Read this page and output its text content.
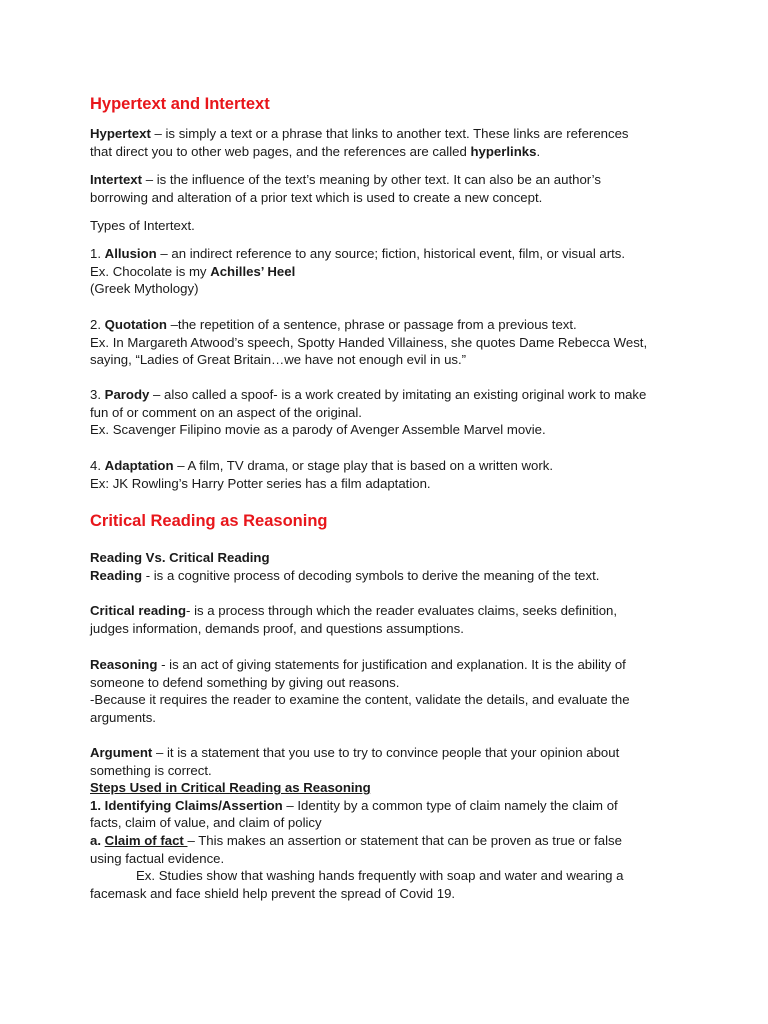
Hypertext and Intertext
Hypertext – is simply a text or a phrase that links to another text. These links are references
that direct you to other web pages, and the references are called hyperlinks.
Intertext – is the influence of the text’s meaning by other text. It can also be an author’s
borrowing and alteration of a prior text which is used to create a new concept.
Types of Intertext.
1. Allusion – an indirect reference to any source; fiction, historical event, film, or visual arts.
Ex. Chocolate is my Achilles’ Heel
(Greek Mythology)
2. Quotation –the repetition of a sentence, phrase or passage from a previous text.
Ex. In Margareth Atwood’s speech, Spotty Handed Villainess, she quotes Dame Rebecca West,
saying, “Ladies of Great Britain…we have not enough evil in us.”
3. Parody – also called a spoof- is a work created by imitating an existing original work to make
fun of or comment on an aspect of the original.
Ex. Scavenger Filipino movie as a parody of Avenger Assemble Marvel movie.
4. Adaptation – A film, TV drama, or stage play that is based on a written work.
Ex: JK Rowling’s Harry Potter series has a film adaptation.
Critical Reading as Reasoning
Reading Vs. Critical Reading
Reading - is a cognitive process of decoding symbols to derive the meaning of the text.
Critical reading- is a process through which the reader evaluates claims, seeks definition,
judges information, demands proof, and questions assumptions.
Reasoning - is an act of giving statements for justification and explanation. It is the ability of
someone to defend something by giving out reasons.
-Because it requires the reader to examine the content, validate the details, and evaluate the
arguments.
Argument – it is a statement that you use to try to convince people that your opinion about
something is correct.
Steps Used in Critical Reading as Reasoning
1. Identifying Claims/Assertion – Identity by a common type of claim namely the claim of
facts, claim of value, and claim of policy
a. Claim of fact – This makes an assertion or statement that can be proven as true or false
using factual evidence.
Ex. Studies show that washing hands frequently with soap and water and wearing a
facemask and face shield help prevent the spread of Covid 19.
